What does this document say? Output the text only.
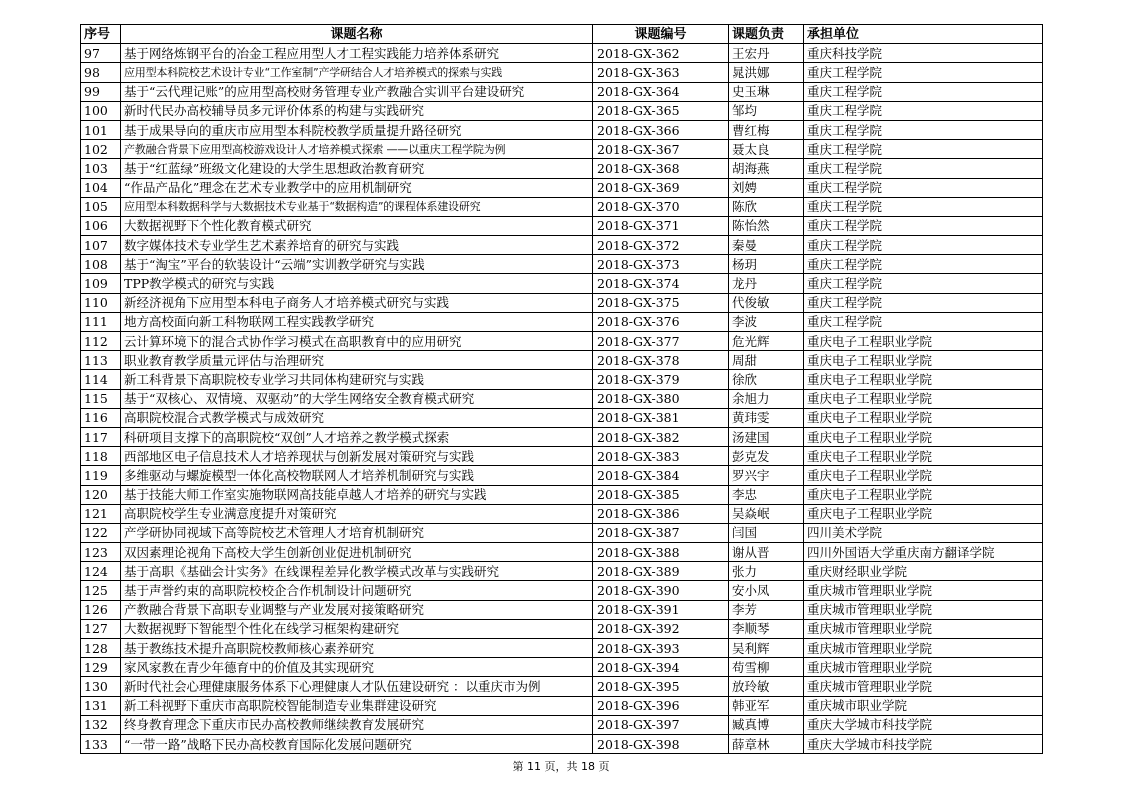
序号	课题名称	课题编号	课题负责	承担单位
97	基于网络炼钢平台的冶金工程应用型人才工程实践能力培养体系研究	2018-GX-362	王宏丹	重庆科技学院
98	应用型本科院校艺术设计专业“工作室制”产学研结合人才培养模式的探索与实践	2018-GX-363	晁洪娜	重庆工程学院
99	基于“云代理记账”的应用型高校财务管理专业产教融合实训平台建设研究	2018-GX-364	史玉琳	重庆工程学院
100	新时代民办高校辅导员多元评价体系的构建与实践研究	2018-GX-365	邹均	重庆工程学院
101	基于成果导向的重庆市应用型本科院校教学质量提升路径研究	2018-GX-366	曹红梅	重庆工程学院
102	产教融合背景下应用型高校游戏设计人才培养模式探索 ——以重庆工程学院为例	2018-GX-367	聂太良	重庆工程学院
103	基于“红蓝绿”班级文化建设的大学生思想政治教育研究	2018-GX-368	胡海燕	重庆工程学院
104	“作品产品化”理念在艺术专业教学中的应用机制研究	2018-GX-369	刘娉	重庆工程学院
105	应用型本科数据科学与大数据技术专业基于“数据构造”的课程体系建设研究	2018-GX-370	陈欣	重庆工程学院
106	大数据视野下个性化教育模式研究	2018-GX-371	陈怡然	重庆工程学院
107	数字媒体技术专业学生艺术素养培育的研究与实践	2018-GX-372	秦曼	重庆工程学院
108	基于“淘宝”平台的软装设计“云端”实训教学研究与实践	2018-GX-373	杨玥	重庆工程学院
109	TPP教学模式的研究与实践	2018-GX-374	龙丹	重庆工程学院
110	新经济视角下应用型本科电子商务人才培养模式研究与实践	2018-GX-375	代俊敏	重庆工程学院
111	地方高校面向新工科物联网工程实践教学研究	2018-GX-376	李波	重庆工程学院
112	云计算环境下的混合式协作学习模式在高职教育中的应用研究	2018-GX-377	危光辉	重庆电子工程职业学院
113	职业教育教学质量元评估与治理研究	2018-GX-378	周甜	重庆电子工程职业学院
114	新工科背景下高职院校专业学习共同体构建研究与实践	2018-GX-379	徐欣	重庆电子工程职业学院
115	基于“双核心、双情境、双驱动”的大学生网络安全教育模式研究	2018-GX-380	余旭力	重庆电子工程职业学院
116	高职院校混合式教学模式与成效研究	2018-GX-381	黄玮雯	重庆电子工程职业学院
117	科研项目支撑下的高职院校“双创”人才培养之教学模式探索	2018-GX-382	汤建国	重庆电子工程职业学院
118	西部地区电子信息技术人才培养现状与创新发展对策研究与实践	2018-GX-383	彭克发	重庆电子工程职业学院
119	多维驱动与螺旋模型一体化高校物联网人才培养机制研究与实践	2018-GX-384	罗兴宇	重庆电子工程职业学院
120	基于技能大师工作室实施物联网高技能卓越人才培养的研究与实践	2018-GX-385	李忠	重庆电子工程职业学院
121	高职院校学生专业满意度提升对策研究	2018-GX-386	吴焱岷	重庆电子工程职业学院
122	产学研协同视域下高等院校艺术管理人才培育机制研究	2018-GX-387	闫国	四川美术学院
123	双因素理论视角下高校大学生创新创业促进机制研究	2018-GX-388	谢从晋	四川外国语大学重庆南方翻译学院
124	基于高职《基础会计实务》在线课程差异化教学模式改革与实践研究	2018-GX-389	张力	重庆财经职业学院
125	基于声誉约束的高职院校校企合作机制设计问题研究	2018-GX-390	安小凤	重庆城市管理职业学院
126	产教融合背景下高职专业调整与产业发展对接策略研究	2018-GX-391	李芳	重庆城市管理职业学院
127	大数据视野下智能型个性化在线学习框架构建研究	2018-GX-392	李顺琴	重庆城市管理职业学院
128	基于教练技术提升高职院校教师核心素养研究	2018-GX-393	吴利辉	重庆城市管理职业学院
129	家风家教在青少年德育中的价值及其实现研究	2018-GX-394	苟雪柳	重庆城市管理职业学院
130	新时代社会心理健康服务体系下心理健康人才队伍建设研究 ：以重庆市为例	2018-GX-395	放玲敏	重庆城市管理职业学院
131	新工科视野下重庆市高职院校智能制造专业集群建设研究	2018-GX-396	韩亚军	重庆城市职业学院
132	终身教育理念下重庆市民办高校教师继续教育发展研究	2018-GX-397	臧真博	重庆大学城市科技学院
133	“一带一路”战略下民办高校教育国际化发展问题研究	2018-GX-398	薛章林	重庆大学城市科技学院
第 11 页，共 18 页
